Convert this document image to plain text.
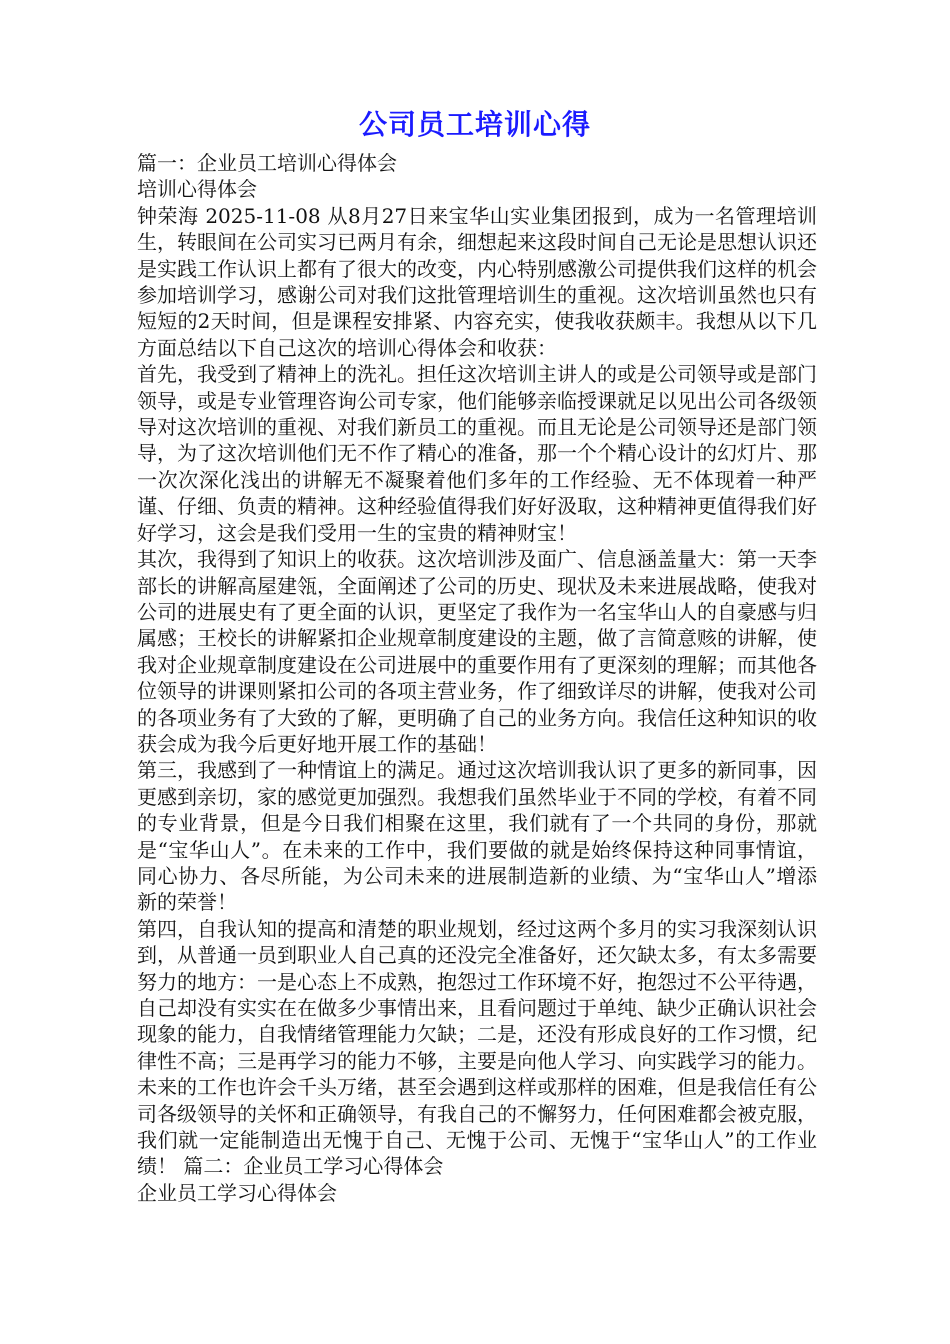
公司员工培训心得

篇一：企业员工培训心得体会

培训心得体会

钟荣海 2025-11-08 从8月27日来宝华山实业集团报到，成为一名管理培训生，转眼间在公司实习已两月有余，细想起来这段时间自己无论是思想认识还是实践工作认识上都有了很大的改变，内心特别感激公司提供我们这样的机会参加培训学习，感谢公司对我们这批管理培训生的重视。这次培训虽然也只有短短的2天时间，但是课程安排紧、内容充实，使我收获颇丰。我想从以下几方面总结以下自己这次的培训心得体会和收获：

首先，我受到了精神上的洗礼。担任这次培训主讲人的或是公司领导或是部门领导，或是专业管理咨询公司专家，他们能够亲临授课就足以见出公司各级领导对这次培训的重视、对我们新员工的重视。而且无论是公司领导还是部门领导，为了这次培训他们无不作了精心的准备，那一个个精心设计的幻灯片、那一次次深化浅出的讲解无不凝聚着他们多年的工作经验、无不体现着一种严谨、仔细、负责的精神。这种经验值得我们好好汲取，这种精神更值得我们好好学习，这会是我们受用一生的宝贵的精神财宝！

其次，我得到了知识上的收获。这次培训涉及面广、信息涵盖量大：第一天李部长的讲解高屋建瓴，全面阐述了公司的历史、现状及未来进展战略，使我对公司的进展史有了更全面的认识，更坚定了我作为一名宝华山人的自豪感与归属感；王校长的讲解紧扣企业规章制度建设的主题，做了言简意赅的讲解，使我对企业规章制度建设在公司进展中的重要作用有了更深刻的理解；而其他各位领导的讲课则紧扣公司的各项主营业务，作了细致详尽的讲解，使我对公司的各项业务有了大致的了解，更明确了自己的业务方向。我信任这种知识的收获会成为我今后更好地开展工作的基础！

第三，我感到了一种情谊上的满足。通过这次培训我认识了更多的新同事，因更感到亲切，家的感觉更加强烈。我想我们虽然毕业于不同的学校，有着不同的专业背景，但是今日我们相聚在这里，我们就有了一个共同的身份，那就是“宝华山人”。在未来的工作中，我们要做的就是始终保持这种同事情谊，同心协力、各尽所能，为公司未来的进展制造新的业绩、为“宝华山人”增添新的荣誉！

第四，自我认知的提高和清楚的职业规划，经过这两个多月的实习我深刻认识到，从普通一员到职业人自己真的还没完全准备好，还欠缺太多，有太多需要努力的地方：一是心态上不成熟，抱怨过工作环境不好，抱怨过不公平待遇，自己却没有实实在在做多少事情出来，且看问题过于单纯、缺少正确认识社会现象的能力，自我情绪管理能力欠缺；二是，还没有形成良好的工作习惯，纪律性不高；三是再学习的能力不够，主要是向他人学习、向实践学习的能力。

未来的工作也许会千头万绪，甚至会遇到这样或那样的困难，但是我信任有公司各级领导的关怀和正确领导，有我自己的不懈努力，任何困难都会被克服，我们就一定能制造出无愧于自己、无愧于公司、无愧于“宝华山人”的工作业绩！ 篇二：企业员工学习心得体会

企业员工学习心得体会
